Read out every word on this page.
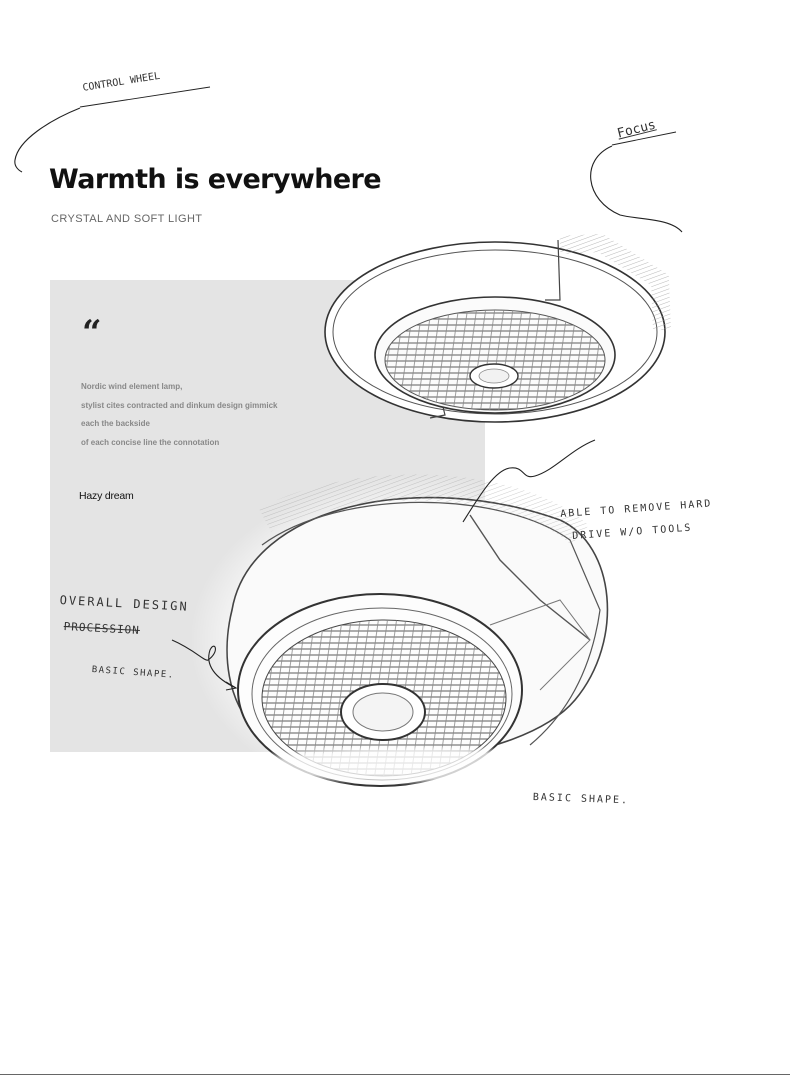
Warmth is everywhere

CRYSTAL AND SOFT LIGHT

“
Nordic wind element lamp,
stylist cites contracted and dinkum design gimmick
each the backside
of each concise line the connotation

Hazy dream

CONTROL WHEEL
Focus
ABLE TO REMOVE HARD
DRIVE W/O TOOLS
OVERALL DESIGN
PROCESSION
BASIC SHAPE.
BASIC SHAPE.
